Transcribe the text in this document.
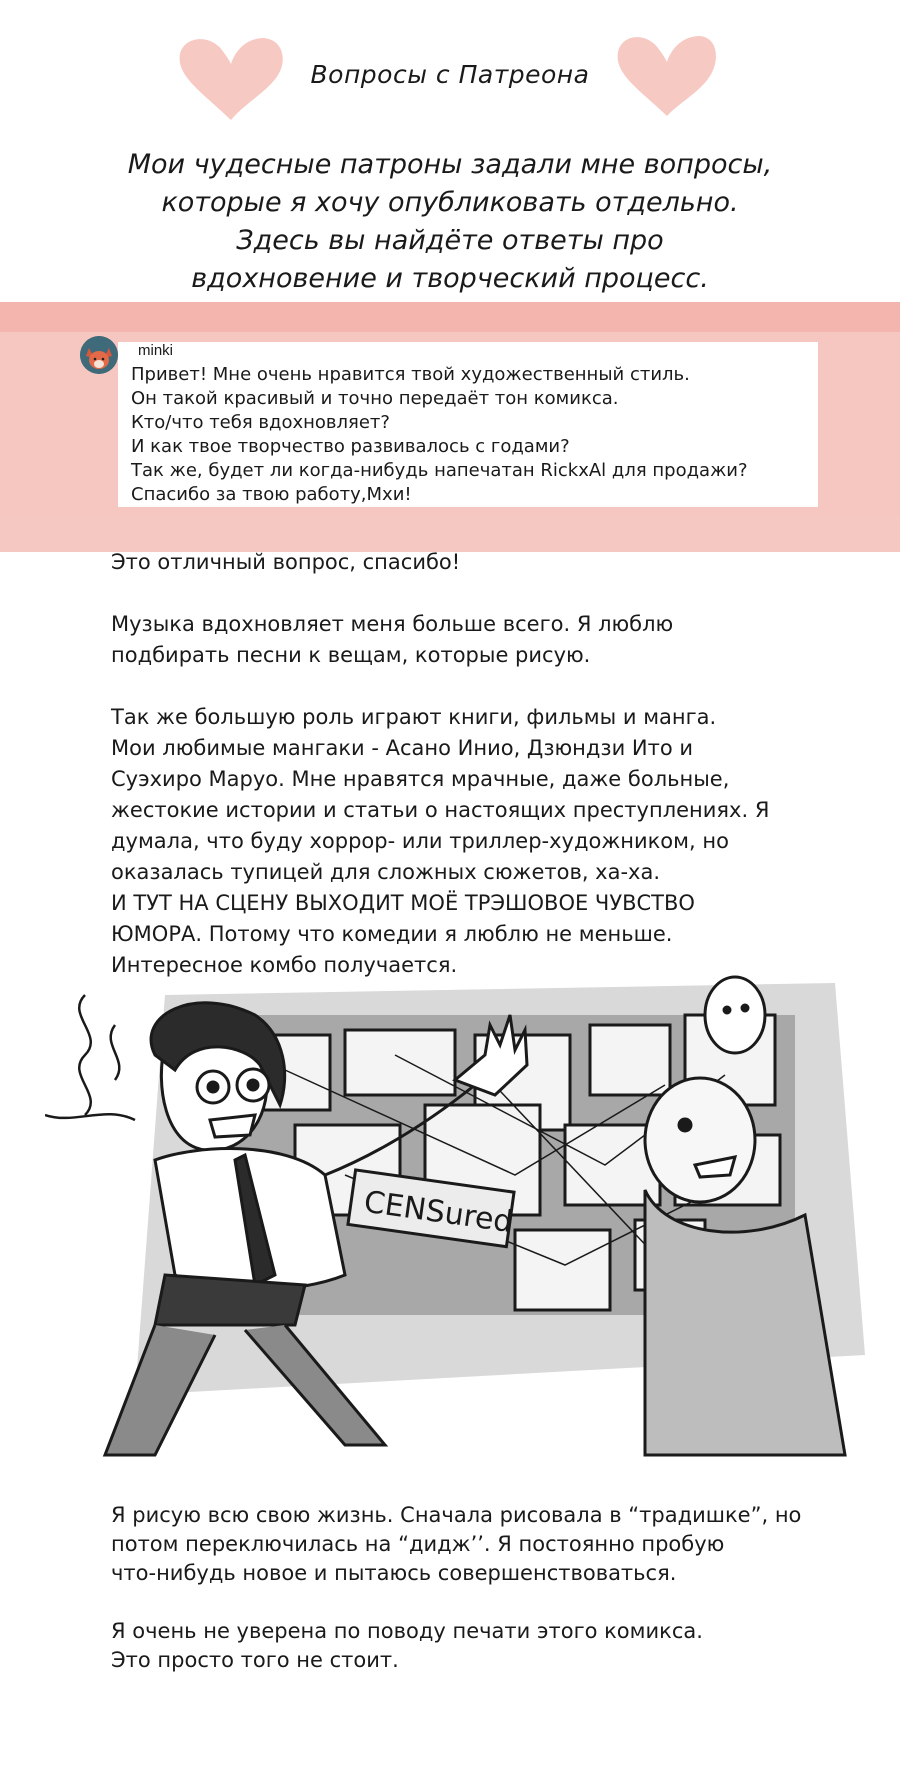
Вопросы с Патреона
Мои чудесные патроны задали мне вопросы,
которые я хочу опубликовать отдельно.
Здесь вы найдёте ответы про
вдохновение и творческий процесс.
minki
Привет! Мне очень нравится твой художественный стиль.
Он такой красивый и точно передаёт тон комикса.
Кто/что тебя вдохновляет?
И как твое творчество развивалось с годами?
Так же, будет ли когда-нибудь напечатан RickxAl для продажи?
Спасибо за твою работу,Мхи!
Это отличный вопрос, спасибо!
Музыка вдохновляет меня больше всего. Я люблю
подбирать песни к вещам, которые рисую.
Так же большую роль играют книги, фильмы и манга.
Мои любимые мангаки - Асано Инио, Дзюндзи Ито и
Суэхиро Маруо. Мне нравятся мрачные, даже больные,
жестокие истории и статьи о настоящих преступлениях. Я
думала, что буду хоррор- или триллер-художником, но
оказалась тупицей для сложных сюжетов, ха-ха.
И ТУТ НА СЦЕНУ ВЫХОДИТ МОЁ ТРЭШОВОЕ ЧУВСТВО
ЮМОРА. Потому что комедии я люблю не меньше.
Интересное комбо получается.
CENSured
Я рисую всю свою жизнь. Сначала рисовала в “традишке”, но
потом переключилась на “дидж’’. Я постоянно пробую
что-нибудь новое и пытаюсь совершенствоваться.
Я очень не уверена по поводу печати этого комикса.
Это просто того не стоит.
